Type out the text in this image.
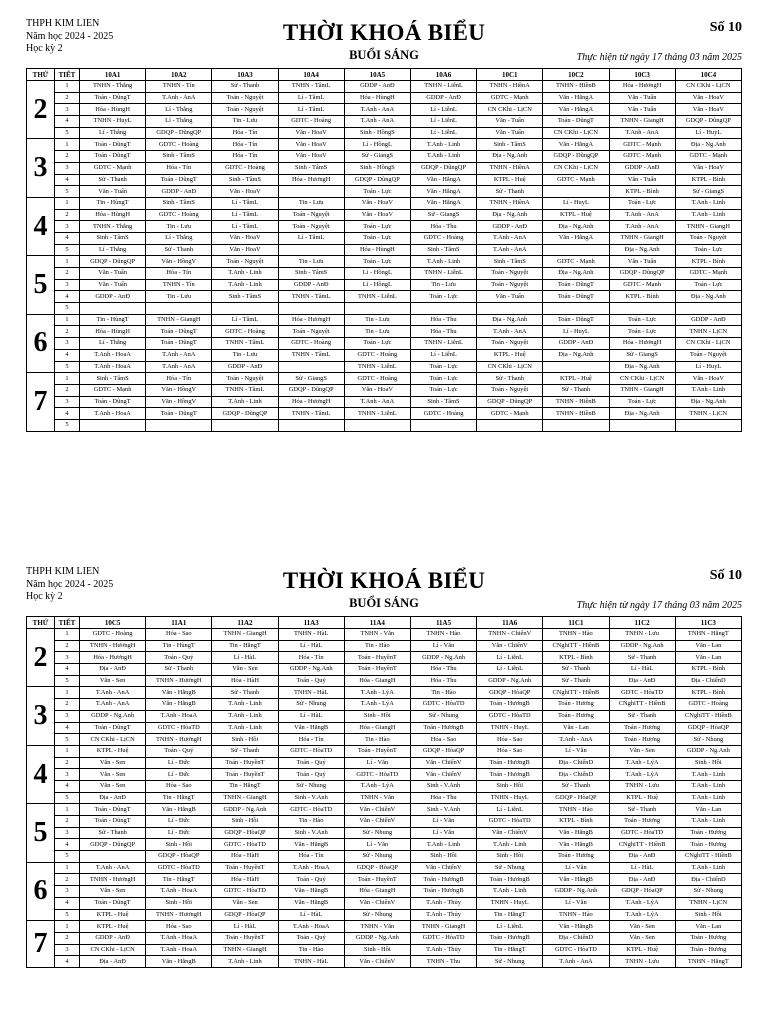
THPH KIM LIEN
Năm học 2024 - 2025
Học kỳ 2
THỜI KHOÁ BIỂU
BUỔI SÁNG
Số 10
Thực hiện từ ngày 17 tháng 03 năm 2025
THỨ	TIẾT	10A1	10A2	10A3	10A4	10A5	10A6	10C1	10C2	10C3	10C4
2	1	TNHN - Thắng	TNHN - Tín	Sử - Thanh	TNHN - TâmL	GDDP - AnĐ	TNHN - LiễnL	TNHN - HiềnA	TNHN - HiềnB	Hóa - HươngH	CN CKhi - LịCN
	2	Toán - DũngT	T.Anh - AnA	Toán - Nguyệt	Lí - TâmL	Hóa - HùngH	GDDP - AnĐ	GDTC - Mạnh	Văn - HằngA	Văn - Tuấn	Văn - HoaV
	3	Hóa - HùngH	Lí - Thắng	Toán - Nguyệt	Lí - TâmL	T.Anh - AnA	Lí - LiễnL	CN CKhi - LịCN	Văn - HằngA	Văn - Tuấn	Văn - HoaV
	4	TNHN - HuyL	Lí - Thắng	Tin - Lưu	GDTC - Hoàng	T.Anh - AnA	Lí - LiễnL	Văn - Tuấn	Toán - DũngT	TNHN - GiangH	GDQP - DũngQP
	5	Lí - Thắng	GDQP - DũngQP	Hóa - Tín	Văn - HoaV	Sinh - HồngS	Lí - LiễnL	Văn - Tuấn	CN CKhi - LịCN	T.Anh - AnA	Lí - HuyL
3	1	Toán - DũngT	GDTC - Hoàng	Hóa - Tín	Văn - HoaV	Lí - HồngL	T.Anh - Linh	Sinh - TâmS	Văn - HằngA	GDTC - Mạnh	Địa - Ng.Anh
	2	Toán - DũngT	Sinh - TâmS	Hóa - Tín	Văn - HoaV	Sử - GiangS	T.Anh - Linh	Địa - Ng.Anh	GDQP - DũngQP	GDTC - Mạnh	GDTC - Mạnh
	3	GDTC - Mạnh	Hóa - Tín	GDTC - Hoàng	Sinh - TâmS	Sinh - HồngS	GDQP - DũngQP	TNHN - HiềnA	CN CKhi - LịCN	GDDP - AnĐ	Văn - HoaV
	4	Sử - Thanh	Toán - DũngT	Sinh - TâmS	Hóa - HươngH	GDQP - DũngQP	Văn - HằngA	KTPL - Huệ	GDTC - Mạnh	Văn - Tuấn	KTPL - Bình
	5	Văn - Tuấn	GDDP - AnĐ	Văn - HoaV		Toán - Lực	Văn - HằngA	Sử - Thanh		KTPL - Bình	Sử - GiangS
4	1	Tin - HùngT	Sinh - TâmS	Lí - TâmL	Tin - Lưu	Văn - HoaV	Văn - HằngA	TNHN - HiềnA	Lí - HuyL	Toán - Lực	T.Anh - Linh
	2	Hóa - HùngH	GDTC - Hoàng	Lí - TâmL	Toán - Nguyệt	Văn - HoaV	Sử - GiangS	Địa - Ng.Anh	KTPL - Huệ	T.Anh - AnA	T.Anh - Linh
	3	TNHN - Thắng	Tin - Lưu	Lí - TâmL	Toán - Nguyệt	Toán - Lực	Hóa - Thu	GDDP - AnĐ	Địa - Ng.Anh	T.Anh - AnA	TNHN - GiangH
	4	Sinh - TâmS	Lí - Thắng	Văn - HoaV	Lí - TâmL	Toán - Lực	GDTC - Hoàng	T.Anh - AnA	Văn - HằngA	TNHN - GiangH	Toán - Nguyệt
	5	Lí - Thắng	Sử - Thanh	Văn - HoaV		Hóa - HùngH	Sinh - TâmS	T.Anh - AnA		Địa - Ng.Anh	Toán - Lực
5	1	GDQP - DũngQP	Văn - HồngV	Toán - Nguyệt	Tin - Lưu	Toán - Lực	T.Anh - Linh	Sinh - TâmS	GDTC - Mạnh	Văn - Tuấn	KTPL - Bình
	2	Văn - Tuấn	Hóa - Tín	T.Anh - Linh	Sinh - TâmS	Lí - HồngL	TNHN - LiễnL	Toán - Nguyệt	Địa - Ng.Anh	GDQP - DũngQP	GDTC - Mạnh
	3	Văn - Tuấn	TNHN - Tín	T.Anh - Linh	GDDP - AnĐ	Lí - HồngL	Tin - Lưu	Toán - Nguyệt	Toán - DũngT	GDTC - Mạnh	Toán - Lực
	4	GDDP - AnĐ	Tin - Lưu	Sinh - TâmS	TNHN - TâmL	TNHN - LiễnL	Toán - Lực	Văn - Tuấn	Toán - DũngT	KTPL - Bình	Địa - Ng.Anh
	5										
6	1	Tin - HùngT	TNHN - GiangH	Lí - TâmL	Hóa - HươngH	Tin - Lưu	Hóa - Thu	Địa - Ng.Anh	Toán - DũngT	Toán - Lực	GDDP - AnĐ
	2	Hóa - HùngH	Toán - DũngT	GDTC - Hoàng	Toán - Nguyệt	Tin - Lưu	Hóa - Thu	T.Anh - AnA	Lí - HuyL	Toán - Lực	TNHN - LịCN
	3	Lí - Thắng	Toán - DũngT	TNHN - TâmL	GDTC - Hoàng	Toán - Lực	TNHN - LiễnL	Toán - Nguyệt	GDDP - AnĐ	Hóa - HươngH	CN CKhi - LịCN
	4	T.Anh - HoaA	T.Anh - AnA	Tin - Lưu	TNHN - TâmL	GDTC - Hoàng	Lí - LiễnL	KTPL - Huệ	Địa - Ng.Anh	Sử - GiangS	Toán - Nguyệt
	5	T.Anh - HoaA	T.Anh - AnA	GDDP - AnĐ		TNHN - LiễnL	Toán - Lực	CN CKhi - LịCN		Địa - Ng.Anh	Lí - HuyL
7	1	Sinh - TâmS	Hóa - Tín	Toán - Nguyệt	Sử - GiangS	GDTC - Hoàng	Toán - Lực	Sử - Thanh	KTPL - Huệ	CN CKhi - LịCN	Văn - HoaV
	2	GDTC - Mạnh	Văn - HồngV	TNHN - TâmL	GDQP - DũngQP	Văn - HoaV	Toán - Lực	Toán - Nguyệt	Sử - Thanh	TNHN - GiangH	T.Anh - Linh
	3	Toán - DũngT	Văn - HồngV	T.Anh - Linh	Hóa - HươngH	T.Anh - AnA	Sinh - TâmS	GDQP - DũngQP	TNHN - HiềnB	Toán - Lực	Địa - Ng.Anh
	4	T.Anh - HoaA	Toán - DũngT	GDQP - DũngQP	TNHN - TâmL	TNHN - LiễnL	GDTC - Hoàng	GDTC - Mạnh	TNHN - HiềnB	Địa - Ng.Anh	TNHN - LịCN
	5										
THPH KIM LIEN
Năm học 2024 - 2025
Học kỳ 2
THỜI KHOÁ BIỂU
BUỔI SÁNG
Số 10
Thực hiện từ ngày 17 tháng 03 năm 2025
THỨ	TIẾT	10C5	11A1	11A2	11A3	11A4	11A5	11A6	11C1	11C2	11C3
2	1	GDTC - Hoàng	Hóa - Sao	TNHN - GiangH	TNHN - HàL	TNHN - Văn	TNHN - Hào	TNHN - ChiếnV	TNHN - Hào	TNHN - Lưu	TNHN - HằngT
	2	TNHN - HươngH	Tin - HùngT	Tin - HằngT	Lí - HàL	Tin - Hào	Lí - Văn	Văn - ChiếnV	CNghiTT - HiềnB	GDDP - Ng.Anh	Văn - Lan
	3	Hóa - HươngH	Toán - Quý	Lí - HàL	Hóa - Tín	Toán - HuyềnT	GDDP - Ng.Anh	Lí - LiễnL	KTPL - Bình	Sử - Thanh	Văn - Lan
	4	Địa - AnĐ	Sử - Thanh	Văn - Sen	GDDP - Ng.Anh	Toán - HuyềnT	Hóa - Thu	Lí - LiễnL	Sử - Thanh	Lí - HàL	KTPL - Bình
	5	Văn - Sen	TNHN - HươngH	Hóa - HàH	Toán - Quý	Hóa - GiangH	Hóa - Thu	GDDP - Ng.Anh	Sử - Thanh	Địa - AnĐ	Địa - ChiếnD
3	1	T.Anh - AnA	Văn - HằngB	Sử - Thanh	TNHN - HàL	T.Anh - LýA	Tin - Hào	GDQP - HòaQP	CNghiTT - HiềnB	GDTC - HòaTD	KTPL - Bình
	2	T.Anh - AnA	Văn - HằngB	T.Anh - Linh	Sử - Nhung	T.Anh - LýA	GDTC - HòaTD	Toán - HươngB	Toán - Hương	CNghiTT - HiềnB	GDTC - Hoàng
	3	GDDP - Ng.Anh	T.Anh - HoaA	T.Anh - Linh	Lí - HàL	Sinh - Hồi	Sử - Nhung	GDTC - HòaTD	Toán - Hương	Sử - Thanh	CNghiTT - HiềnB
	4	Toán - DũngT	GDTC - HòaTD	T.Anh - Linh	Văn - HằngB	Hóa - GiangH	Toán - HươngB	TNHN - HuyL	Văn - Lan	Toán - Hương	GDQP - HòaQP
	5	CN CKhi - LịCN	TNHN - HươngH	Sinh - Hồi	Hóa - Tín	Tin - Hào	Hóa - Sao	Hóa - Sao	T.Anh - AnA	Toán - Hương	Sử - Nhung
4	1	KTPL - Huệ	Toán - Quý	Sử - Thanh	GDTC - HòaTD	Toán - HuyềnT	GDQP - HòaQP	Hóa - Sao	Lí - Văn	Văn - Sen	GDDP - Ng.Anh
	2	Văn - Sen	Lí - Đức	Toán - HuyềnT	Toán - Quý	Lí - Văn	Văn - ChiếnV	Toán - HươngB	Địa - ChiếnD	T.Anh - LýA	Sinh - Hồi
	3	Văn - Sen	Lí - Đức	Toán - HuyềnT	Toán - Quý	GDTC - HòaTD	Văn - ChiếnV	Toán - HươngB	Địa - ChiếnD	T.Anh - LýA	T.Anh - Linh
	4	Văn - Sen	Hóa - Sao	Tin - HằngT	Sử - Nhung	T.Anh - LýA	Sinh - V.Anh	Sinh - Hồi	Sử - Thanh	TNHN - Lưu	T.Anh - Linh
	5	Địa - AnĐ	Tin - HằngT	TNHN - GiangH	Sinh - V.Anh	TNHN - Văn	Hóa - Thu	TNHN - HuyL	GDQP - HòaQP	KTPL - Huệ	T.Anh - Linh
5	1	Toán - DũngT	Văn - HằngB	GDDP - Ng.Anh	GDTC - HòaTD	Văn - ChiếnV	Sinh - V.Anh	Lí - LiễnL	TNHN - Hào	Sử - Thanh	Văn - Lan
	2	Toán - DũngT	Lí - Đức	Sinh - Hồi	Tin - Hào	Văn - ChiếnV	Lí - Văn	GDTC - HòaTD	KTPL - Bình	Toán - Hương	T.Anh - Linh
	3	Sử - Thanh	Lí - Đức	GDQP - HòaQP	Sinh - V.Anh	Sử - Nhung	Lí - Văn	Văn - ChiếnV	Văn - HằngB	GDTC - HòaTD	Toán - Hương
	4	GDQP - DũngQP	Sinh - Hồi	GDTC - HòaTD	Văn - HằngB	Lí - Văn	T.Anh - Linh	T.Anh - Linh	Văn - HằngB	CNghiTT - HiềnB	Toán - Hương
	5		GDQP - HòaQP	Hóa - HàH	Hóa - Tín	Sử - Nhung	Sinh - Hồi	Sinh - Hồi	Toán - Hương	Địa - AnĐ	CNghiTT - HiềnB
6	1	T.Anh - AnA	GDTC - HòaTD	Toán - HuyềnT	T.Anh - HoaA	GDQP - HòaQP	Văn - ChiếnV	Sử - Nhung	Lí - Văn	Lí - HàL	T.Anh - Linh
	2	TNHN - HươngH	Tin - HằngT	Hóa - HàH	Toán - Quý	Toán - HuyềnT	Toán - HươngB	Toán - HươngB	Văn - HằngB	Địa - AnĐ	Địa - ChiếnD
	3	Văn - Sen	T.Anh - HoaA	GDTC - HòaTD	Văn - HằngB	Hóa - GiangH	Toán - HươngB	T.Anh - Linh	GDDP - Ng.Anh	GDQP - HòaQP	Sử - Nhung
	4	Toán - DũngT	Sinh - Hồi	Văn - Sen	Văn - HằngB	Văn - ChiếnV	T.Anh - Thủy	TNHN - HuyL	Lí - Văn	T.Anh - LýA	TNHN - LịCN
	5	KTPL - Huệ	TNHN - HươngH	GDQP - HòaQP	Lí - HàL	Sử - Nhung	T.Anh - Thủy	Tin - HằngT	TNHN - Hào	T.Anh - LýA	Sinh - Hồi
7	1	KTPL - Huệ	Hóa - Sao	Lí - HàL	T.Anh - HoaA	TNHN - Văn	TNHN - GiangH	Lí - LiễnL	Văn - HằngB	Văn - Sen	Văn - Lan
	2	GDDP - AnĐ	T.Anh - HoaA	Toán - HuyềnT	Toán - Quý	GDDP - Ng.Anh	GDTC - HòaTD	Toán - HươngB	Địa - ChiếnD	Văn - Sen	Toán - Hương
	3	CN CKhi - LịCN	T.Anh - HoaA	TNHN - GiangH	Tin - Hào	Sinh - Hồi	T.Anh - Thủy	Tin - HằngT	GDTC - HòaTD	KTPL - Huệ	Toán - Hương
	4	Địa - AnĐ	Văn - HằngB	T.Anh - Linh	TNHN - HàL	Văn - ChiếnV	TNHN - Thu	Sử - Nhung	T.Anh - AnA	TNHN - Lưu	TNHN - HằngT
